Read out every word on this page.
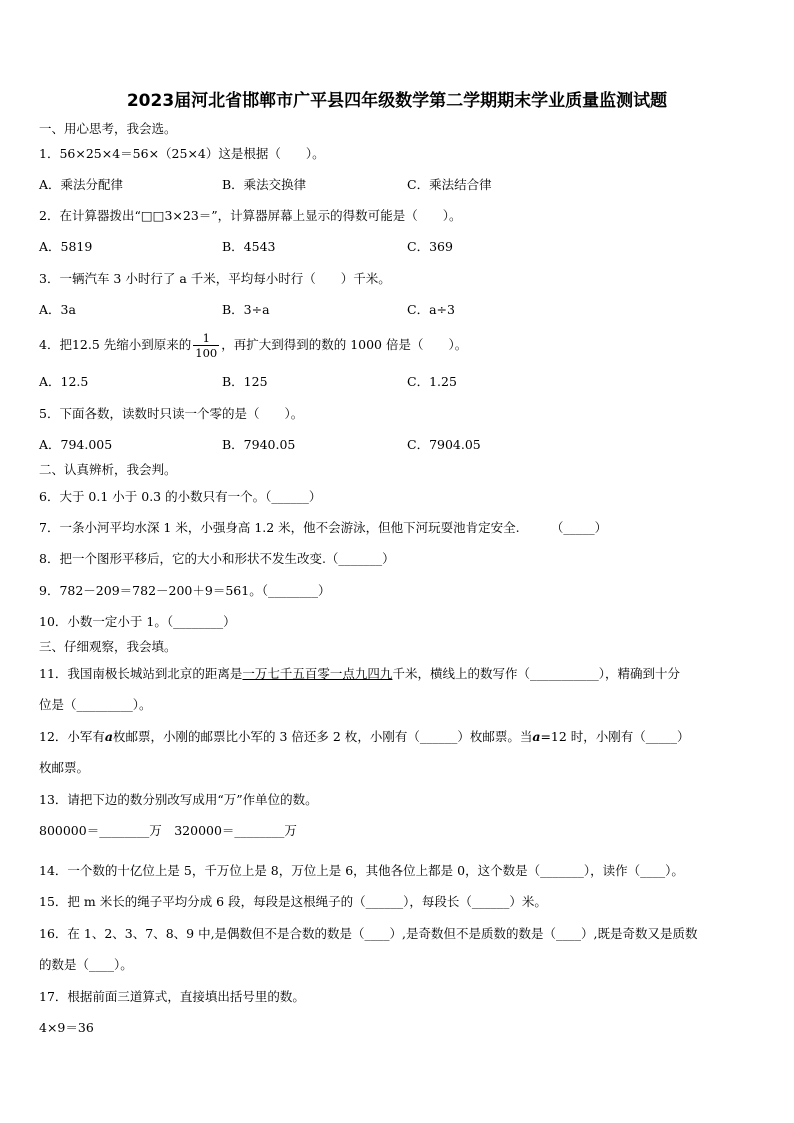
2023届河北省邯郸市广平县四年级数学第二学期期末学业质量监测试题
一、用心思考，我会选。
1．56×25×4＝56×（25×4）这是根据（　　）。
A．乘法分配律	B．乘法交换律	C．乘法结合律
2．在计算器拨出“□□3×23＝”，计算器屏幕上显示的得数可能是（　　）。
A．5819	B．4543	C．369
3．一辆汽车 3 小时行了 a 千米，平均每小时行（　　）千米。
A．3a	B．3÷a	C．a÷3
4．把12.5 先缩小到原来的 $\frac{1}{100}$ ，再扩大到得到的数的 1000 倍是（　　）。
A．12.5	B．125	C．1.25
5．下面各数，读数时只读一个零的是（　　）。
A．794.005	B．7940.05	C．7904.05
二、认真辨析，我会判。
6．大于 0.1 小于 0.3 的小数只有一个。（______）
7．一条小河平均水深 1 米，小强身高 1.2 米，他不会游泳，但他下河玩耍池肯定安全.　　　（_____）
8．把一个图形平移后，它的大小和形状不发生改变.（_______）
9．782－209＝782－200＋9＝561。（________）
10．小数一定小于 1。（________）
三、仔细观察，我会填。
11．我国南极长城站到北京的距离是一万七千五百零一点九四九千米，横线上的数写作（___________），精确到十分
位是（_________）。
12．小军有a枚邮票，小刚的邮票比小军的 3 倍还多 2 枚，小刚有（______）枚邮票。当a=12 时，小刚有（_____）
枚邮票。
13．请把下边的数分别改写成用“万”作单位的数。
800000＝________万　320000＝________万
14．一个数的十亿位上是 5，千万位上是 8，万位上是 6，其他各位上都是 0，这个数是（_______），读作（____）。
15．把 m 米长的绳子平均分成 6 段，每段是这根绳子的（______），每段长（______）米。
16．在 1、2、3、7、8、9 中,是偶数但不是合数的数是（____）,是奇数但不是质数的数是（____）,既是奇数又是质数
的数是（____）。
17．根据前面三道算式，直接填出括号里的数。
4×9＝36
